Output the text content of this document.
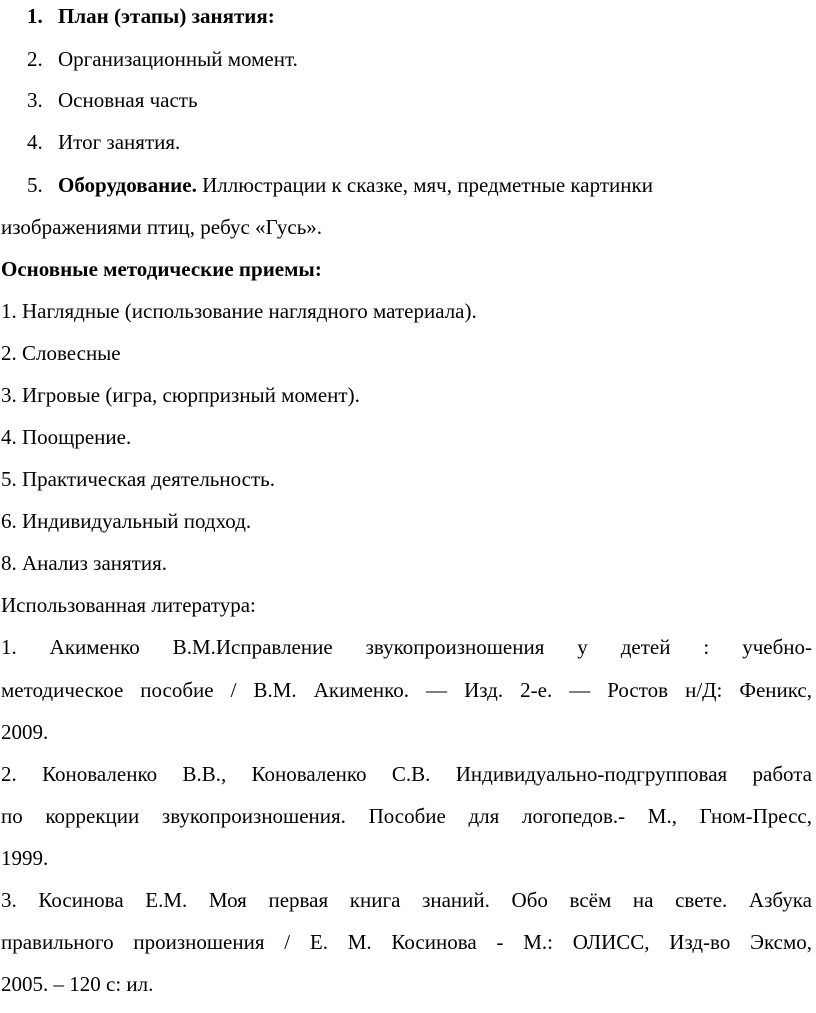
1. План (этапы) занятия:
2. Организационный момент.
3. Основная часть
4. Итог занятия.
5. Оборудование. Иллюстрации к сказке, мяч, предметные картинки
изображениями птиц, ребус «Гусь».
Основные методические приемы:
1. Наглядные (использование наглядного материала).
2. Словесные
3. Игровые (игра, сюрпризный момент).
4. Поощрение.
5. Практическая деятельность.
6. Индивидуальный подход.
8. Анализ занятия.
Использованная литература:
1. Акименко В.М.Исправление звукопроизношения у детей : учебно-
методическое пособие / В.М. Акименко. — Изд. 2-е. — Ростов н/Д: Феникс,
2009.
2. Коноваленко В.В., Коноваленко С.В. Индивидуально-подгрупповая работа
по коррекции звукопроизношения. Пособие для логопедов.- М., Гном-Пресс,
1999.
3. Косинова Е.М. Моя первая книга знаний. Обо всём на свете. Азбука
правильного произношения / Е. М. Косинова - М.: ОЛИСС, Изд-во Эксмо,
2005. – 120 с: ил.
